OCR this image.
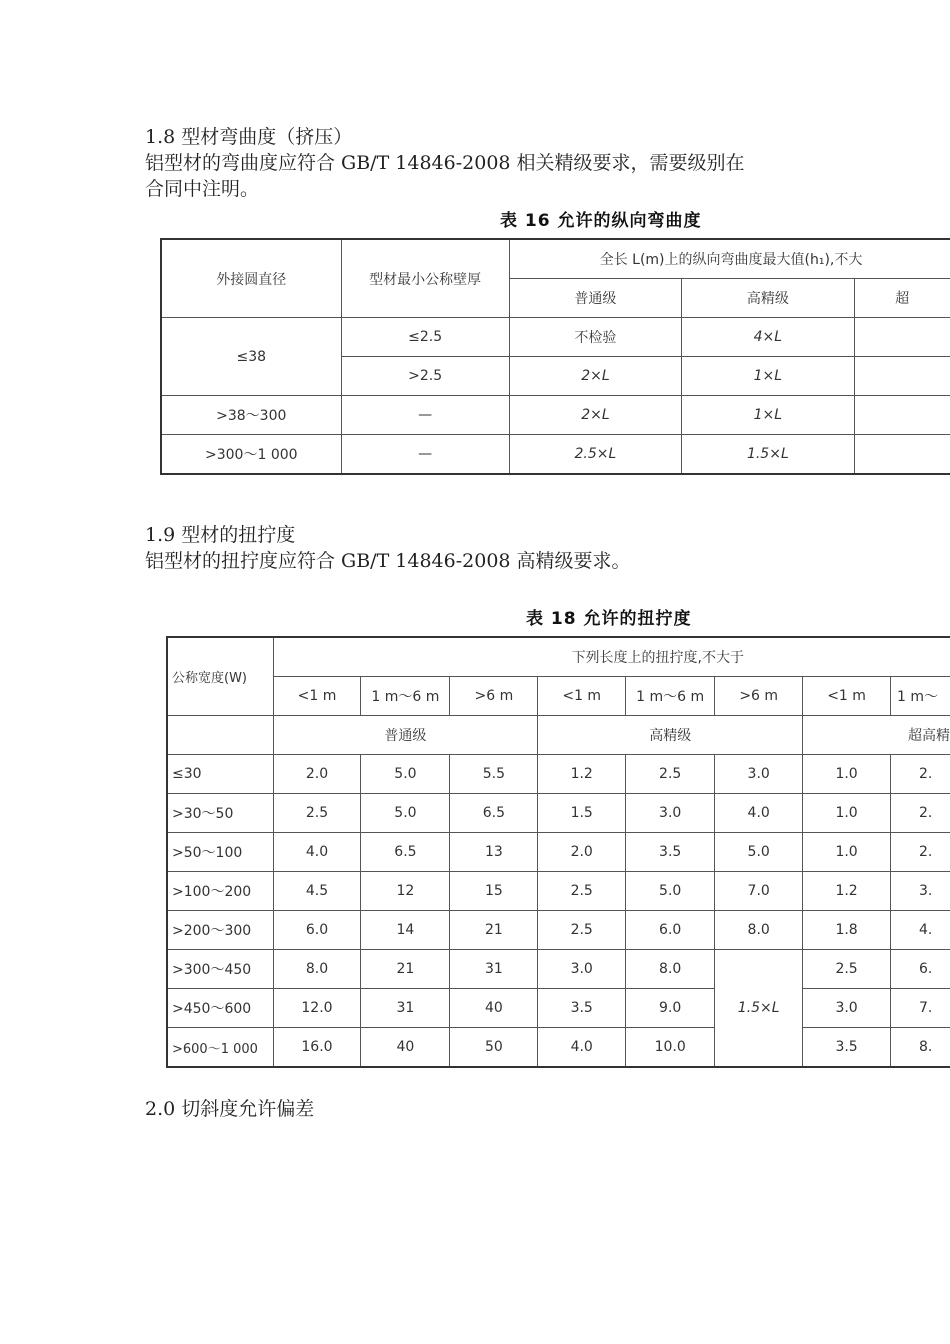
1.8 型材弯曲度（挤压）
铝型材的弯曲度应符合 GB/T 14846-2008 相关精级要求，需要级别在
合同中注明。
表 16 允许的纵向弯曲度
外接圆直径	型材最小公称壁厚	全长 L(m)上的纵向弯曲度最大值(h₁),不大		
		普通级	高精级	超
≤38	≤2.5	不检验	4×L	
	>2.5	2×L	1×L	
>38～300	—	2×L	1×L	
>300～1 000	—	2.5×L	1.5×L	
1.9 型材的扭拧度
铝型材的扭拧度应符合 GB/T 14846-2008 高精级要求。
表 18 允许的扭拧度
公称宽度(W)	下列长度上的扭拧度,不大于							
	<1 m	1 m～6 m	>6 m	<1 m	1 m～6 m	>6 m	<1 m	1 m～
	普通级			高精级			超高精	
≤30	2.0	5.0	5.5	1.2	2.5	3.0	1.0	2.
>30～50	2.5	5.0	6.5	1.5	3.0	4.0	1.0	2.
>50～100	4.0	6.5	13	2.0	3.5	5.0	1.0	2.
>100～200	4.5	12	15	2.5	5.0	7.0	1.2	3.
>200～300	6.0	14	21	2.5	6.0	8.0	1.8	4.
>300～450	8.0	21	31	3.0	8.0	1.5×L	2.5	6.
>450～600	12.0	31	40	3.5	9.0		3.0	7.
>600～1 000	16.0	40	50	4.0	10.0		3.5	8.
2.0 切斜度允许偏差
